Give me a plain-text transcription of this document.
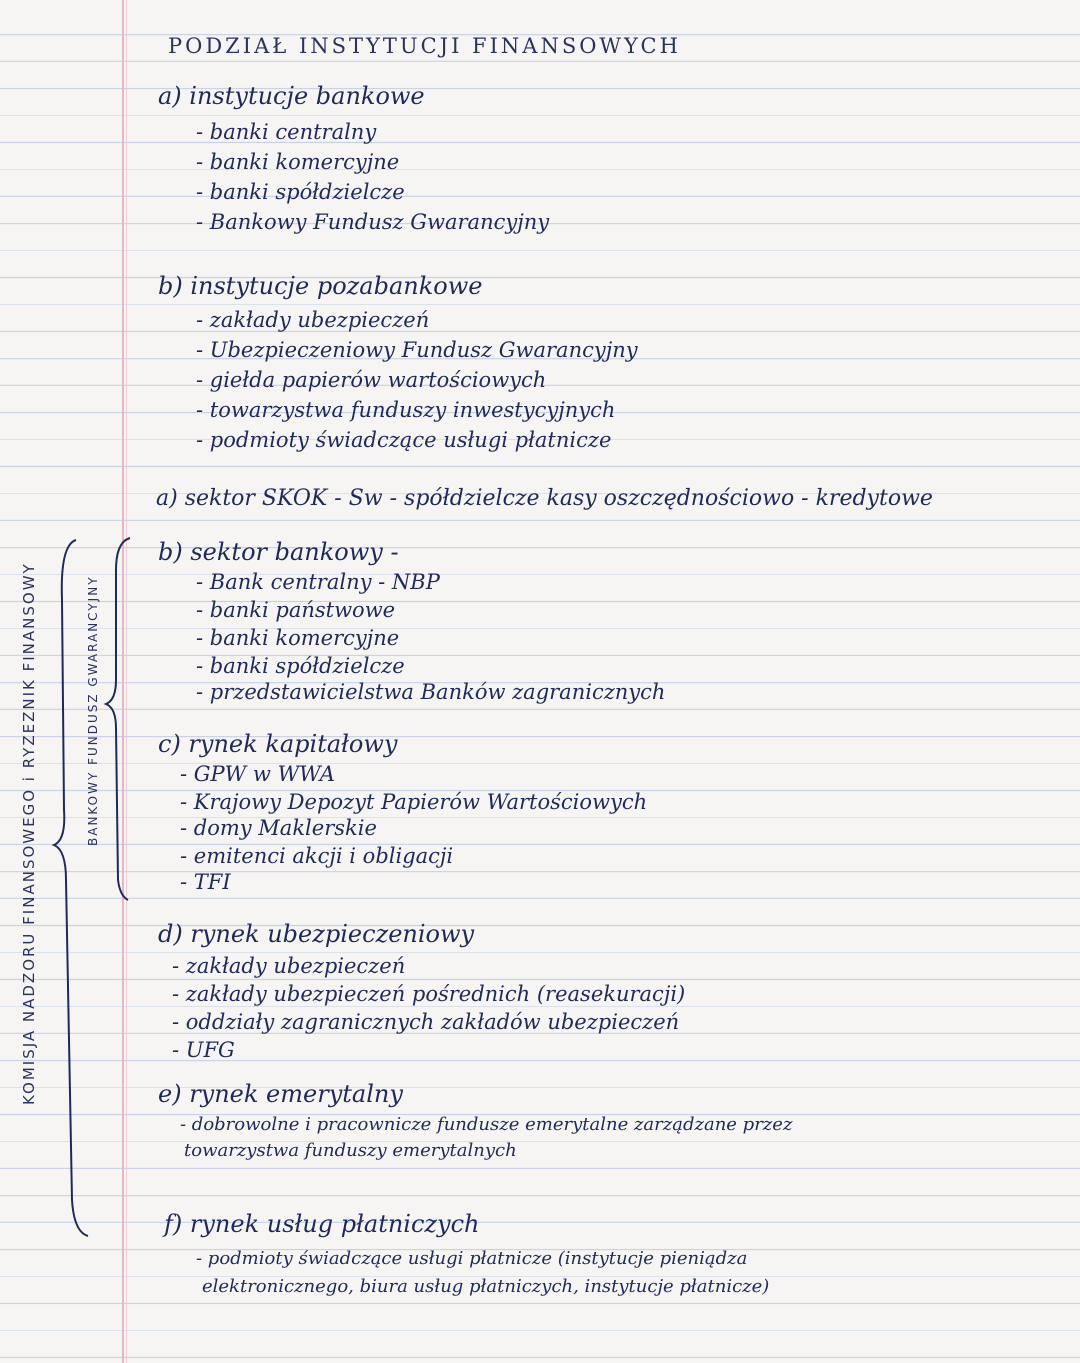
PODZIAŁ INSTYTUCJI FINANSOWYCH

a) instytucje bankowe

- banki centralny

- banki komercyjne

- banki spółdzielcze

- Bankowy Fundusz Gwarancyjny

b) instytucje pozabankowe

- zakłady ubezpieczeń

- Ubezpieczeniowy Fundusz Gwarancyjny

- giełda papierów wartościowych

- towarzystwa funduszy inwestycyjnych

- podmioty świadczące usługi płatnicze

a) sektor SKOK - Sw - spółdzielcze kasy oszczędnościowo - kredytowe

b) sektor bankowy -

- Bank centralny - NBP

- banki państwowe

- banki komercyjne

- banki spółdzielcze

- przedstawicielstwa Banków zagranicznych

c) rynek kapitałowy

- GPW w WWA

- Krajowy Depozyt Papierów Wartościowych

- domy Maklerskie

- emitenci akcji i obligacji

- TFI

d) rynek ubezpieczeniowy

- zakłady ubezpieczeń

- zakłady ubezpieczeń pośrednich (reasekuracji)

- oddziały zagranicznych zakładów ubezpieczeń

- UFG

e) rynek emerytalny

- dobrowolne i pracownicze fundusze emerytalne zarządzane przez

towarzystwa funduszy emerytalnych

f) rynek usług płatniczych

- podmioty świadczące usługi płatnicze (instytucje pieniądza

elektronicznego, biura usług płatniczych, instytucje płatnicze)

KOMISJA NADZORU FINANSOWEGO i RYZEZNIK FINANSOWY	BANKOWY FUNDUSZ GWARANCYJNY
